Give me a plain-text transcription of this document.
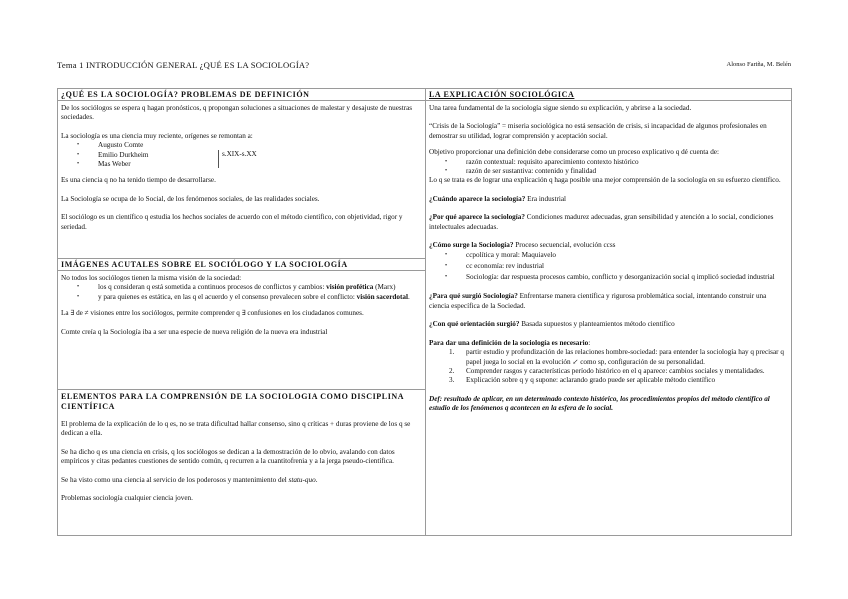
Tema 1 INTRODUCCIÓN GENERAL ¿QUÉ ES LA SOCIOLOGÍA?	Alonso Fariña, M. Belén
¿QUÉ ES LA SOCIOLOGÍA? PROBLEMAS DE DEFINICIÓN

De los sociólogos se espera q hagan pronósticos, q propongan soluciones a situaciones de malestar y desajuste de nuestras sociedades.

La sociología es una ciencia muy reciente, orígenes se remontan a:

• Augusto Comte
• Emilio Durkheim
• Mas Weber
s.XIX-s.XX

Es una ciencia q no ha tenido tiempo de desarrollarse.

La Sociología se ocupa de lo Social, de los fenómenos sociales, de las realidades sociales.

El sociólogo es un científico q estudia los hechos sociales de acuerdo con el método científico, con objetividad, rigor y seriedad.

IMÁGENES ACUTALES SOBRE EL SOCIÓLOGO Y LA SOCIOLOGÍA

No todos los sociólogos tienen la misma visión de la sociedad:

• los q consideran q está sometida a continuos procesos de conflictos y cambios: visión profética (Marx)
• y para quienes es estática, en las q el acuerdo y el consenso prevalecen sobre el conflicto: visión sacerdotal.

La ∃ de ≠ visiones entre los sociólogos, permite comprender q ∃ confusiones en los ciudadanos comunes.

Comte creía q la Sociología iba a ser una especie de nueva religión de la nueva era industrial

ELEMENTOS PARA LA COMPRENSIÓN DE LA SOCIOLOGIA COMO DISCIPLINA CIENTÍFICA

El problema de la explicación de lo q es, no se trata dificultad hallar consenso, sino q críticas + duras proviene de los q se dedican a ella.

Se ha dicho q es una ciencia en crisis, q los sociólogos se dedican a la demostración de lo obvio, avalando con datos empíricos y citas pedantes cuestiones de sentido común, q recurren a la cuantitofrenia y a la jerga pseudo-científica.

Se ha visto como una ciencia al servicio de los poderosos y mantenimiento del statu-quo.

Problemas sociología cualquier ciencia joven.

LA EXPLICACIÓN SOCIOLÓGICA

Una tarea fundamental de la sociología sigue siendo su explicación, y abrirse a la sociedad.

“Crisis de la Sociología” = miseria sociológica no está sensación de crisis, si incapacidad de algunos profesionales en demostrar su utilidad, lograr comprensión y aceptación social.

Objetivo proporcionar una definición debe considerarse como un proceso explicativo q dé cuenta de:

• razón contextual: requisito aparecimiento contexto histórico
• razón de ser sustantiva: contenido y finalidad

Lo q se trata es de lograr una explicación q haga posible una mejor comprensión de la sociología en su esfuerzo científico.

¿Cuándo aparece la sociología? Era industrial

¿Por qué aparece la sociología? Condiciones madurez adecuadas, gran sensibilidad y atención a lo social, condiciones intelectuales adecuadas.

¿Cómo surge la Sociología? Proceso secuencial, evolución ccss

• ccpolítica y moral: Maquiavelo
• cc economía: rev industrial
• Sociología: dar respuesta procesos cambio, conflicto y desorganización social q implicó sociedad industrial

¿Para qué surgió Sociología? Enfrentarse manera científica y rigurosa problemática social, intentando construir una ciencia específica de la Sociedad.

¿Con qué orientación surgió? Basada supuestos y planteamientos método científico

Para dar una definición de la sociología es necesario:

1. partir estudio y profundización de las relaciones hombre-sociedad: para entender la sociología hay q precisar q papel juega lo social en la evolución ↙ como sp, configuración de su personalidad.
2. Comprender rasgos y características período histórico en el q aparece: cambios sociales y mentalidades.
3. Explicación sobre q y q supone: aclarando grado puede ser aplicable método científico

Def: resultado de aplicar, en un determinado contexto histórico, los procedimientos propios del método científico al estudio de los fenómenos q acontecen en la esfera de lo social.
